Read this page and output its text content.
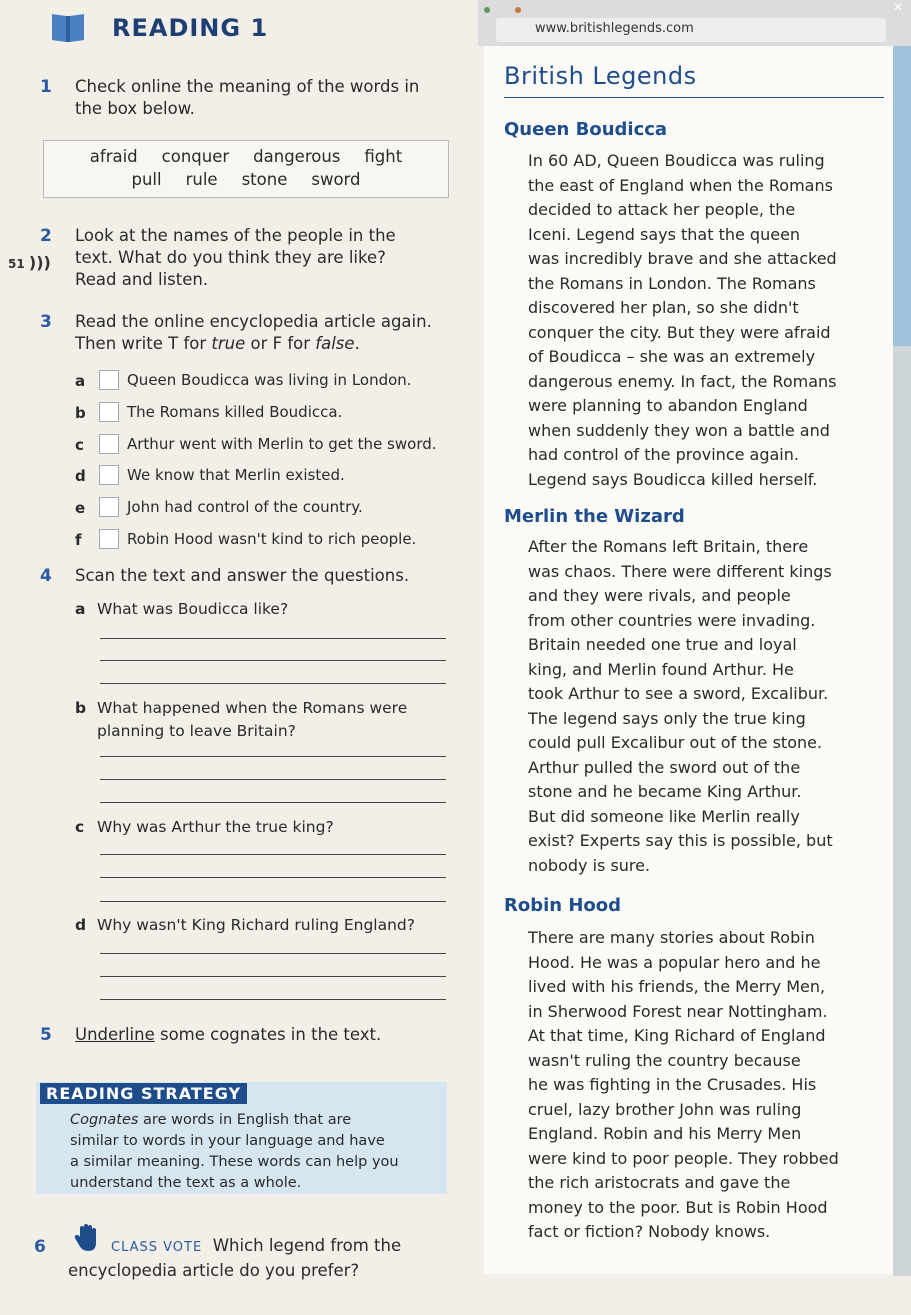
READING 1
1 Check online the meaning of the words in
the box below.
afraid conquer dangerous fight
pull rule stone sword
2
51 )))
Look at the names of the people in the
text. What do you think they are like?
Read and listen.
3 Read the online encyclopedia article again.
Then write T for true or F for false.
a	Queen Boudicca was living in London.
b	The Romans killed Boudicca.
c	Arthur went with Merlin to get the sword.
d	We know that Merlin existed.
e	John had control of the country.
f	Robin Hood wasn't kind to rich people.
4 Scan the text and answer the questions.
a What was Boudicca like?
b What happened when the Romans were
planning to leave Britain?
c Why was Arthur the true king?
d Why wasn't King Richard ruling England?
5 Underline some cognates in the text.
READING STRATEGY
Cognates are words in English that are
similar to words in your language and have
a similar meaning. These words can help you
understand the text as a whole.
6	CLASS VOTE Which legend from the
encyclopedia article do you prefer?
✕
www.britishlegends.com
British Legends
Queen Boudicca
In 60 AD, Queen Boudicca was ruling
the east of England when the Romans
decided to attack her people, the
Iceni. Legend says that the queen
was incredibly brave and she attacked
the Romans in London. The Romans
discovered her plan, so she didn't
conquer the city. But they were afraid
of Boudicca – she was an extremely
dangerous enemy. In fact, the Romans
were planning to abandon England
when suddenly they won a battle and
had control of the province again.
Legend says Boudicca killed herself.
Merlin the Wizard
After the Romans left Britain, there
was chaos. There were different kings
and they were rivals, and people
from other countries were invading.
Britain needed one true and loyal
king, and Merlin found Arthur. He
took Arthur to see a sword, Excalibur.
The legend says only the true king
could pull Excalibur out of the stone.
Arthur pulled the sword out of the
stone and he became King Arthur.
But did someone like Merlin really
exist? Experts say this is possible, but
nobody is sure.
Robin Hood
There are many stories about Robin
Hood. He was a popular hero and he
lived with his friends, the Merry Men,
in Sherwood Forest near Nottingham.
At that time, King Richard of England
wasn't ruling the country because
he was fighting in the Crusades. His
cruel, lazy brother John was ruling
England. Robin and his Merry Men
were kind to poor people. They robbed
the rich aristocrats and gave the
money to the poor. But is Robin Hood
fact or fiction? Nobody knows.
